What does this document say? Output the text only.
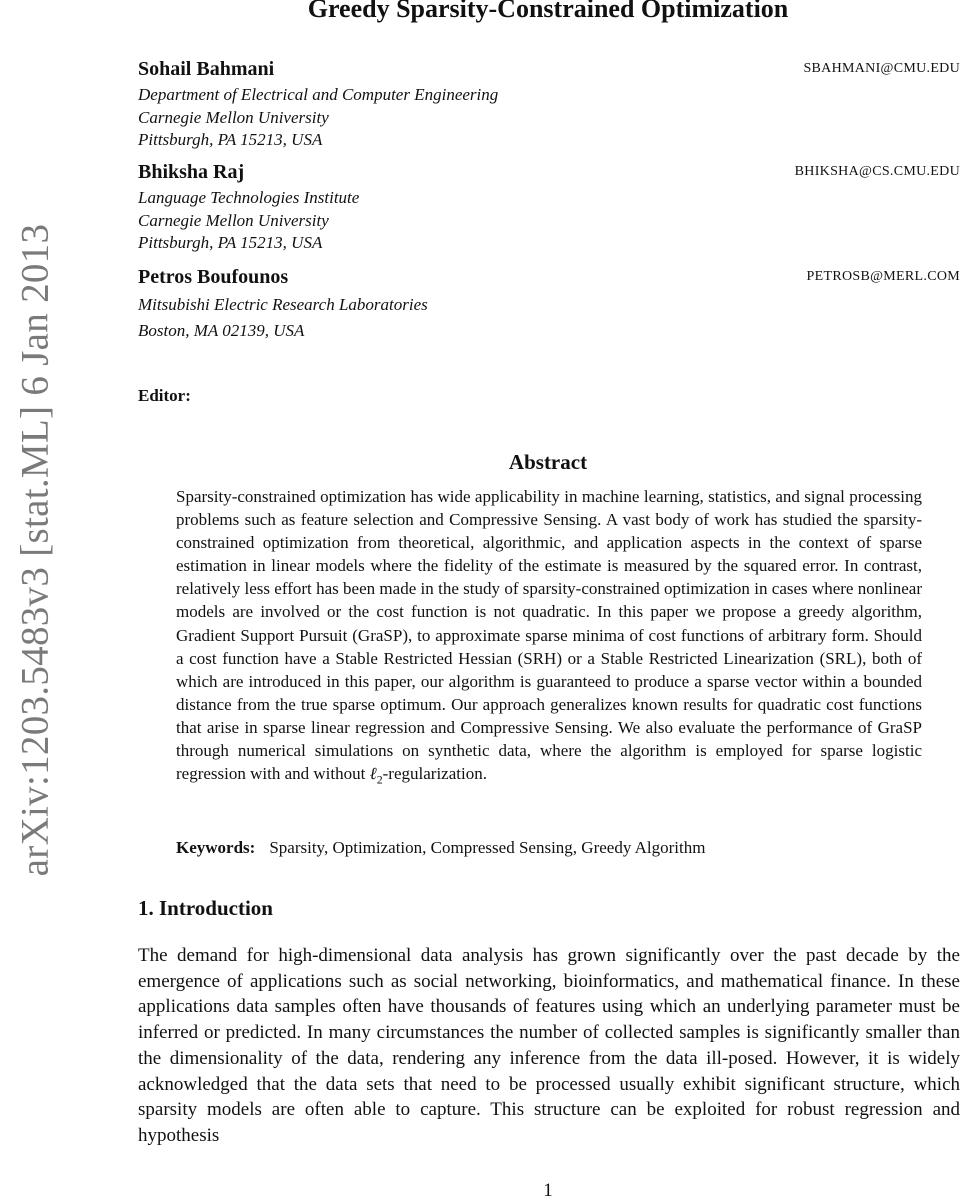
arXiv:1203.5483v3 [stat.ML] 6 Jan 2013
Greedy Sparsity-Constrained Optimization
Sohail Bahmani	SBAHMANI@CMU.EDU
Department of Electrical and Computer Engineering
Carnegie Mellon University
Pittsburgh, PA 15213, USA
Bhiksha Raj	BHIKSHA@CS.CMU.EDU
Language Technologies Institute
Carnegie Mellon University
Pittsburgh, PA 15213, USA
Petros Boufounos	PETROSB@MERL.COM
Mitsubishi Electric Research Laboratories
Boston, MA 02139, USA
Editor:
Abstract
Sparsity-constrained optimization has wide applicability in machine learning, statistics, and signal processing problems such as feature selection and Compressive Sensing. A vast body of work has studied the sparsity-constrained optimization from theoretical, algorithmic, and application aspects in the context of sparse estimation in linear models where the fidelity of the estimate is measured by the squared error. In contrast, relatively less effort has been made in the study of sparsity-constrained optimization in cases where nonlinear models are involved or the cost function is not quadratic. In this paper we propose a greedy algorithm, Gradient Support Pursuit (GraSP), to approximate sparse minima of cost functions of arbitrary form. Should a cost function have a Stable Restricted Hessian (SRH) or a Stable Restricted Linearization (SRL), both of which are introduced in this paper, our algorithm is guaranteed to produce a sparse vector within a bounded distance from the true sparse optimum. Our approach generalizes known results for quadratic cost functions that arise in sparse linear regression and Compressive Sensing. We also evaluate the performance of GraSP through numerical simulations on synthetic data, where the algorithm is employed for sparse logistic regression with and without ℓ$_2$-regularization.
Keywords: Sparsity, Optimization, Compressed Sensing, Greedy Algorithm
1. Introduction
The demand for high-dimensional data analysis has grown significantly over the past decade by the emergence of applications such as social networking, bioinformatics, and mathematical finance. In these applications data samples often have thousands of features using which an underlying parameter must be inferred or predicted. In many circumstances the number of collected samples is significantly smaller than the dimensionality of the data, rendering any inference from the data ill-posed. However, it is widely acknowledged that the data sets that need to be processed usually exhibit significant structure, which sparsity models are often able to capture. This structure can be exploited for robust regression and hypothesis
1
